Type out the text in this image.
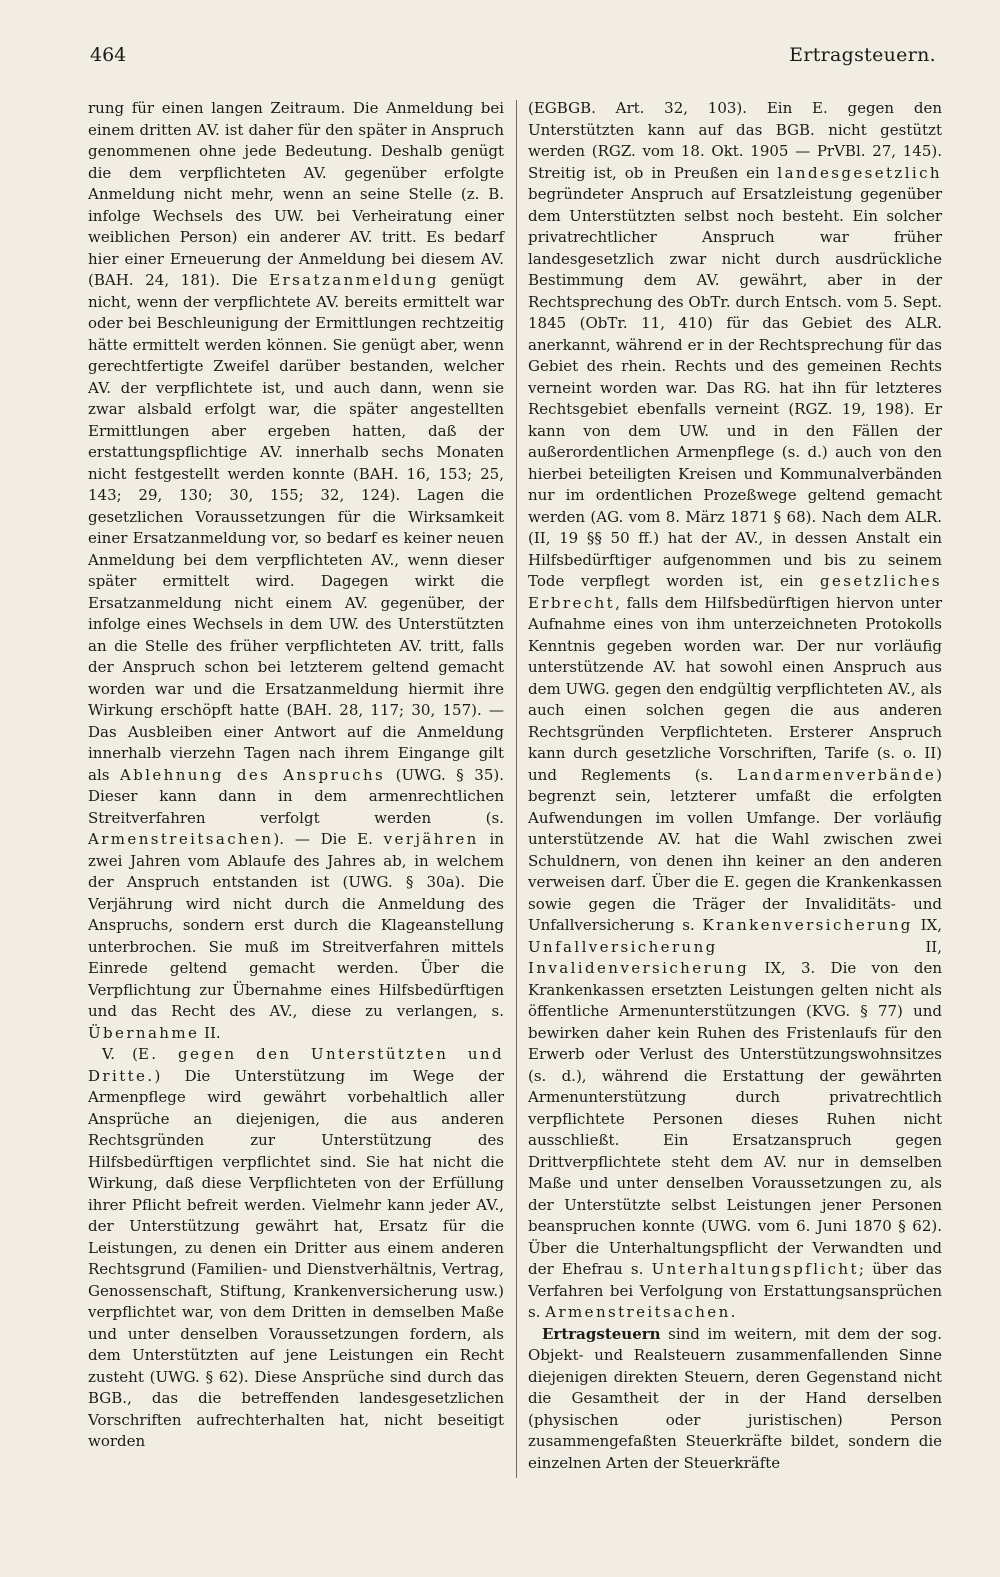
464	Ertragsteuern.

rung für einen langen Zeitraum. Die Anmeldung bei einem dritten AV. ist daher für den später in Anspruch genommenen ohne jede Bedeutung. Deshalb genügt die dem verpflichteten AV. gegenüber erfolgte Anmeldung nicht mehr, wenn an seine Stelle (z. B. infolge Wechsels des UW. bei Verheiratung einer weiblichen Person) ein anderer AV. tritt. Es bedarf hier einer Erneuerung der Anmeldung bei diesem AV. (BAH. 24, 181). Die Ersatzanmeldung genügt nicht, wenn der verpflichtete AV. bereits ermittelt war oder bei Beschleunigung der Ermittlungen rechtzeitig hätte ermittelt werden können. Sie genügt aber, wenn gerechtfertigte Zweifel darüber bestanden, welcher AV. der verpflichtete ist, und auch dann, wenn sie zwar alsbald erfolgt war, die später angestellten Ermittlungen aber ergeben hatten, daß der erstattungspflichtige AV. innerhalb sechs Monaten nicht festgestellt werden konnte (BAH. 16, 153; 25, 143; 29, 130; 30, 155; 32, 124). Lagen die gesetzlichen Voraussetzungen für die Wirksamkeit einer Ersatzanmeldung vor, so bedarf es keiner neuen Anmeldung bei dem verpflichteten AV., wenn dieser später ermittelt wird. Dagegen wirkt die Ersatzanmeldung nicht einem AV. gegenüber, der infolge eines Wechsels in dem UW. des Unterstützten an die Stelle des früher verpflichteten AV. tritt, falls der Anspruch schon bei letzterem geltend gemacht worden war und die Ersatzanmeldung hiermit ihre Wirkung erschöpft hatte (BAH. 28, 117; 30, 157). — Das Ausbleiben einer Antwort auf die Anmeldung innerhalb vierzehn Tagen nach ihrem Eingange gilt als Ablehnung des Anspruchs (UWG. § 35). Dieser kann dann in dem armenrechtlichen Streitverfahren verfolgt werden (s. Armenstreitsachen). — Die E. verjähren in zwei Jahren vom Ablaufe des Jahres ab, in welchem der Anspruch entstanden ist (UWG. § 30a). Die Verjährung wird nicht durch die Anmeldung des Anspruchs, sondern erst durch die Klageanstellung unterbrochen. Sie muß im Streitverfahren mittels Einrede geltend gemacht werden. Über die Verpflichtung zur Übernahme eines Hilfsbedürftigen und das Recht des AV., diese zu verlangen, s. Übernahme II.

V. (E. gegen den Unterstützten und Dritte.) Die Unterstützung im Wege der Armenpflege wird gewährt vorbehaltlich aller Ansprüche an diejenigen, die aus anderen Rechtsgründen zur Unterstützung des Hilfsbedürftigen verpflichtet sind. Sie hat nicht die Wirkung, daß diese Verpflichteten von der Erfüllung ihrer Pflicht befreit werden. Vielmehr kann jeder AV., der Unterstützung gewährt hat, Ersatz für die Leistungen, zu denen ein Dritter aus einem anderen Rechtsgrund (Familien- und Dienstverhältnis, Vertrag, Genossenschaft, Stiftung, Krankenversicherung usw.) verpflichtet war, von dem Dritten in demselben Maße und unter denselben Voraussetzungen fordern, als dem Unterstützten auf jene Leistungen ein Recht zusteht (UWG. § 62). Diese Ansprüche sind durch das BGB., das die betreffenden landesgesetzlichen Vorschriften aufrechterhalten hat, nicht beseitigt worden

(EGBGB. Art. 32, 103). Ein E. gegen den Unterstützten kann auf das BGB. nicht gestützt werden (RGZ. vom 18. Okt. 1905 — PrVBl. 27, 145). Streitig ist, ob in Preußen ein landesgesetzlich begründeter Anspruch auf Ersatzleistung gegenüber dem Unterstützten selbst noch besteht. Ein solcher privatrechtlicher Anspruch war früher landesgesetzlich zwar nicht durch ausdrückliche Bestimmung dem AV. gewährt, aber in der Rechtsprechung des ObTr. durch Entsch. vom 5. Sept. 1845 (ObTr. 11, 410) für das Gebiet des ALR. anerkannt, während er in der Rechtsprechung für das Gebiet des rhein. Rechts und des gemeinen Rechts verneint worden war. Das RG. hat ihn für letzteres Rechtsgebiet ebenfalls verneint (RGZ. 19, 198). Er kann von dem UW. und in den Fällen der außerordentlichen Armenpflege (s. d.) auch von den hierbei beteiligten Kreisen und Kommunalverbänden nur im ordentlichen Prozeßwege geltend gemacht werden (AG. vom 8. März 1871 § 68). Nach dem ALR. (II, 19 §§ 50 ff.) hat der AV., in dessen Anstalt ein Hilfsbedürftiger aufgenommen und bis zu seinem Tode verpflegt worden ist, ein gesetzliches Erbrecht, falls dem Hilfsbedürftigen hiervon unter Aufnahme eines von ihm unterzeichneten Protokolls Kenntnis gegeben worden war. Der nur vorläufig unterstützende AV. hat sowohl einen Anspruch aus dem UWG. gegen den endgültig verpflichteten AV., als auch einen solchen gegen die aus anderen Rechtsgründen Verpflichteten. Ersterer Anspruch kann durch gesetzliche Vorschriften, Tarife (s. o. II) und Reglements (s. Landarmenverbände) begrenzt sein, letzterer umfaßt die erfolgten Aufwendungen im vollen Umfange. Der vorläufig unterstützende AV. hat die Wahl zwischen zwei Schuldnern, von denen ihn keiner an den anderen verweisen darf. Über die E. gegen die Krankenkassen sowie gegen die Träger der Invaliditäts- und Unfallversicherung s. Krankenversicherung IX, Unfallversicherung II, Invalidenversicherung IX, 3. Die von den Krankenkassen ersetzten Leistungen gelten nicht als öffentliche Armenunterstützungen (KVG. § 77) und bewirken daher kein Ruhen des Fristenlaufs für den Erwerb oder Verlust des Unterstützungswohnsitzes (s. d.), während die Erstattung der gewährten Armenunterstützung durch privatrechtlich verpflichtete Personen dieses Ruhen nicht ausschließt. Ein Ersatzanspruch gegen Drittverpflichtete steht dem AV. nur in demselben Maße und unter denselben Voraussetzungen zu, als der Unterstützte selbst Leistungen jener Personen beanspruchen konnte (UWG. vom 6. Juni 1870 § 62). Über die Unterhaltungspflicht der Verwandten und der Ehefrau s. Unterhaltungspflicht; über das Verfahren bei Verfolgung von Erstattungsansprüchen s. Armenstreitsachen.

Ertragsteuern sind im weitern, mit dem der sog. Objekt- und Realsteuern zusammenfallenden Sinne diejenigen direkten Steuern, deren Gegenstand nicht die Gesamtheit der in der Hand derselben (physischen oder juristischen) Person zusammengefaßten Steuerkräfte bildet, sondern die einzelnen Arten der Steuerkräfte
